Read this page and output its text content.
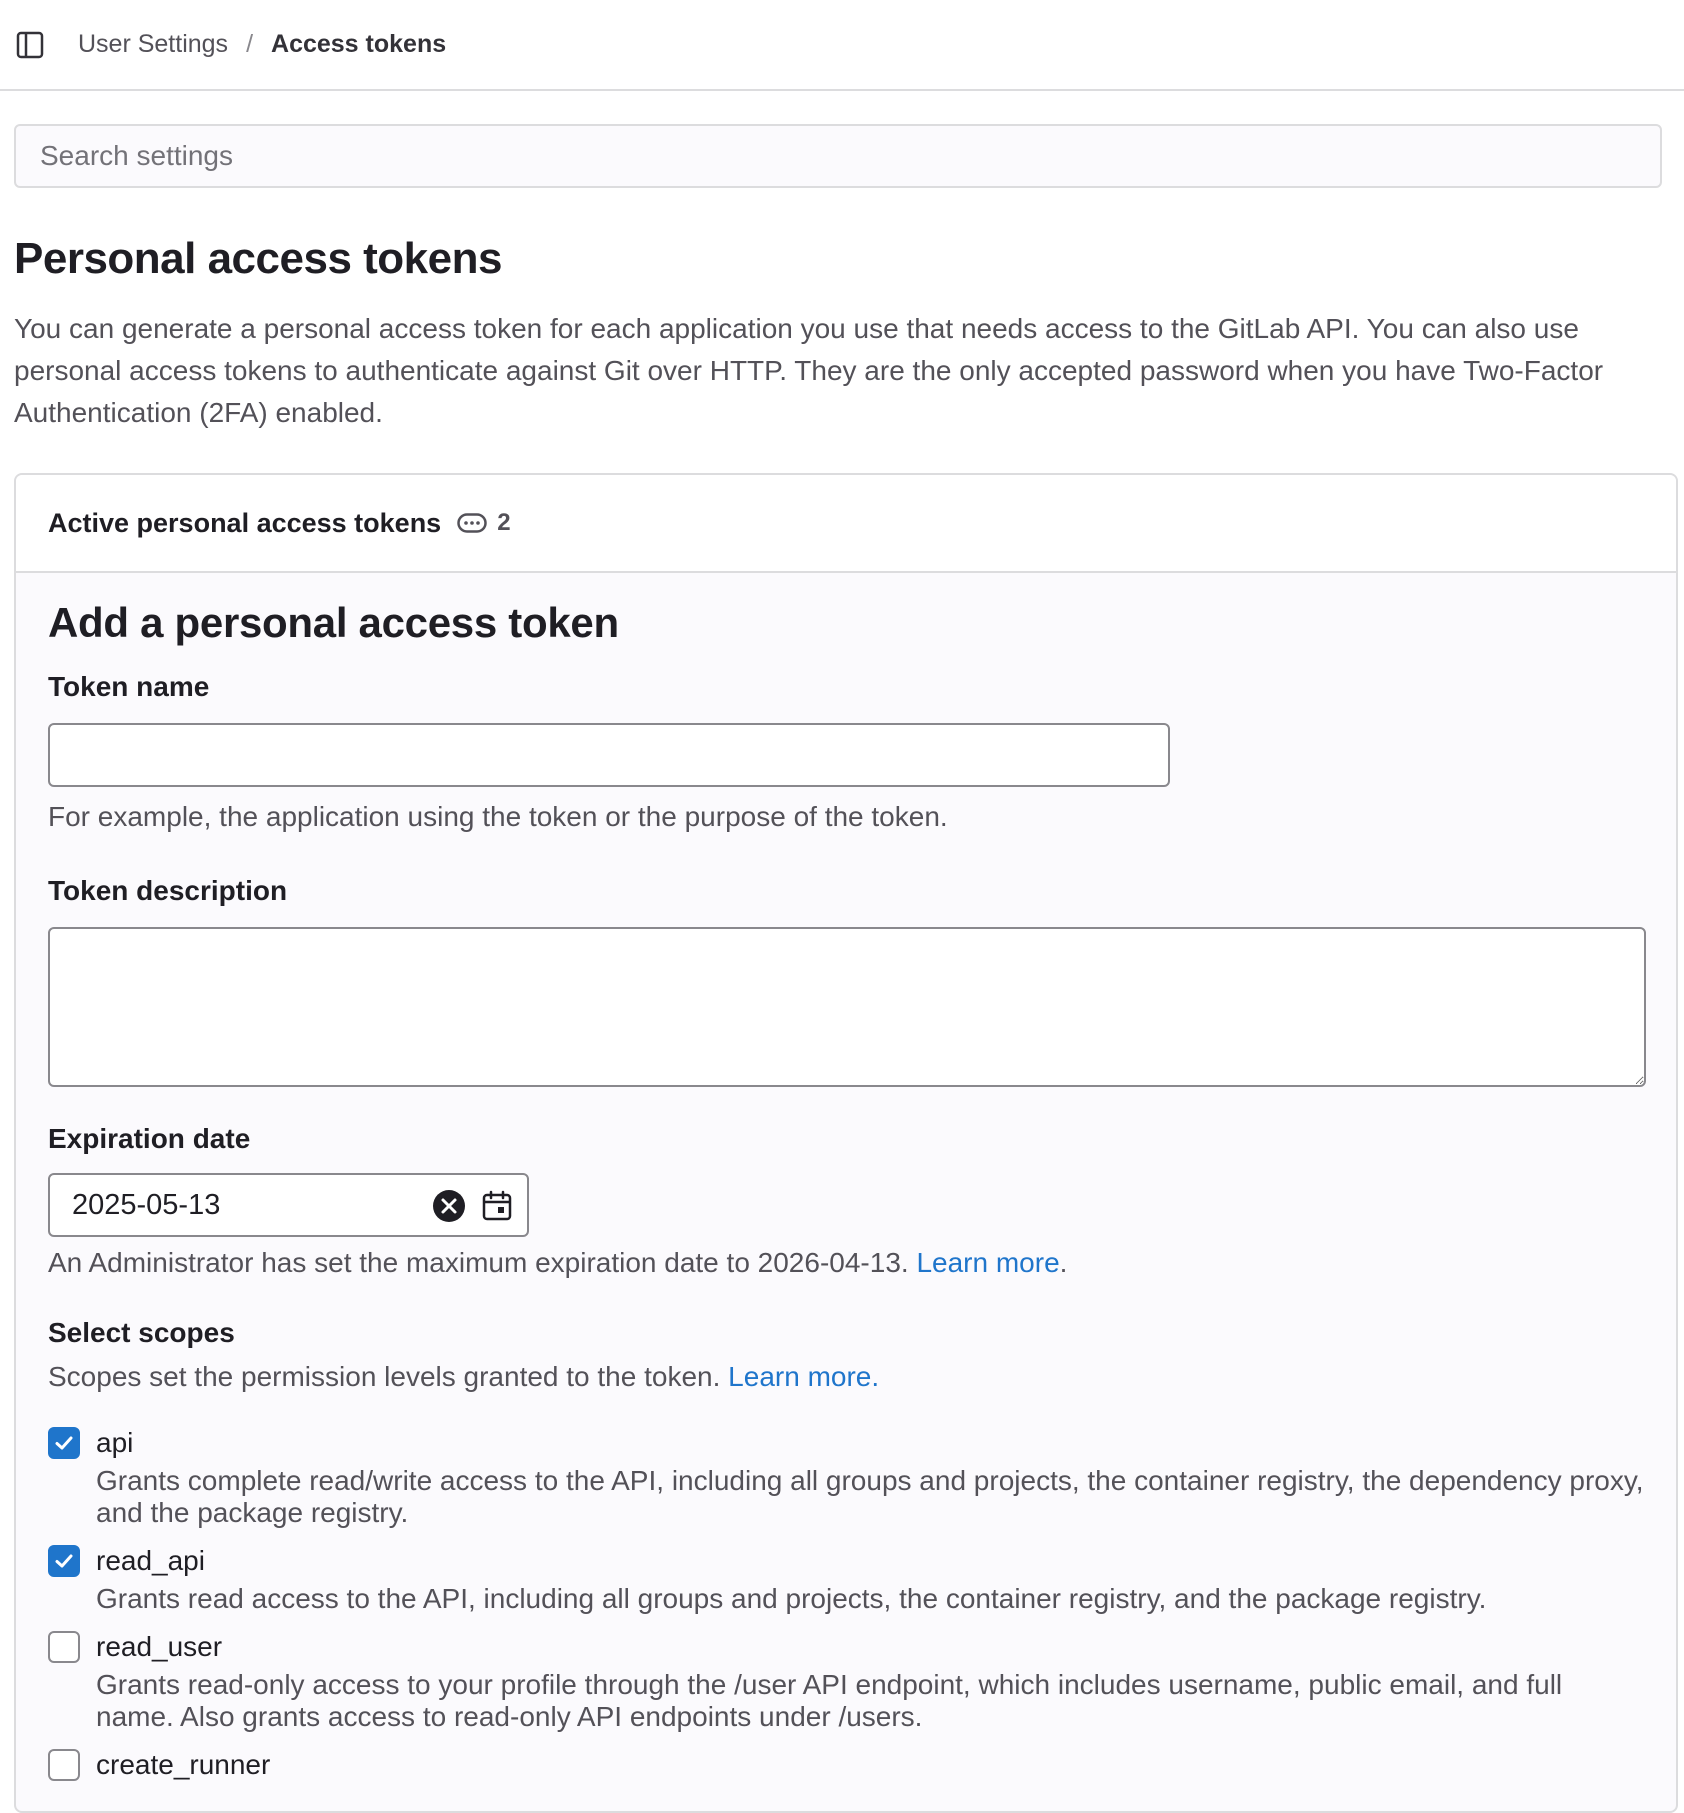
User Settings / Access tokens
Search settings
Personal access tokens

You can generate a personal access token for each application you use that needs access to the GitLab API. You can also use personal access tokens to authenticate against Git over HTTP. They are the only accepted password when you have Two-Factor Authentication (2FA) enabled.

Active personal access tokens 2
Add a personal access token
Token name
For example, the application using the token or the purpose of the token.
Token description
Expiration date
2025-05-13
An Administrator has set the maximum expiration date to 2026-04-13. Learn more.
Select scopes
Scopes set the permission levels granted to the token. Learn more.
api
Grants complete read/write access to the API, including all groups and projects, the container registry, the dependency proxy, and the package registry.
read_api
Grants read access to the API, including all groups and projects, the container registry, and the package registry.
read_user
Grants read-only access to your profile through the /user API endpoint, which includes username, public email, and full name. Also grants access to read-only API endpoints under /users.
create_runner
